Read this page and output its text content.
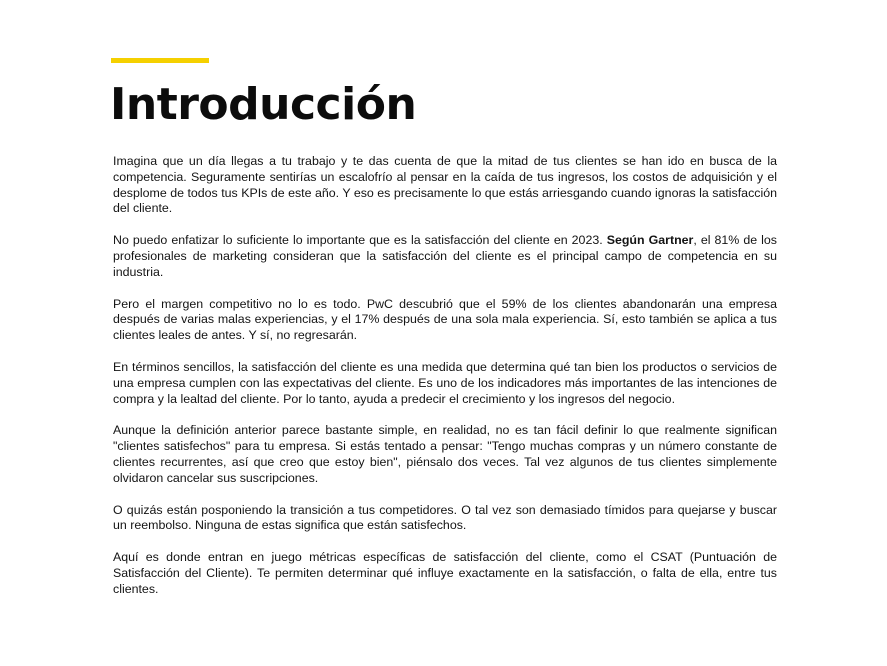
Introducción

Imagina que un día llegas a tu trabajo y te das cuenta de que la mitad de tus clientes se han ido en busca de la competencia. Seguramente sentirías un escalofrío al pensar en la caída de tus ingresos, los costos de adquisición y el desplome de todos tus KPIs de este año. Y eso es precisamente lo que estás arriesgando cuando ignoras la satisfacción del cliente.

No puedo enfatizar lo suficiente lo importante que es la satisfacción del cliente en 2023. Según Gartner, el 81% de los profesionales de marketing consideran que la satisfacción del cliente es el principal campo de competencia en su industria.

Pero el margen competitivo no lo es todo. PwC descubrió que el 59% de los clientes abandonarán una empresa después de varias malas experiencias, y el 17% después de una sola mala experiencia. Sí, esto también se aplica a tus clientes leales de antes. Y sí, no regresarán.

En términos sencillos, la satisfacción del cliente es una medida que determina qué tan bien los productos o servicios de una empresa cumplen con las expectativas del cliente. Es uno de los indicadores más importantes de las intenciones de compra y la lealtad del cliente. Por lo tanto, ayuda a predecir el crecimiento y los ingresos del negocio.

Aunque la definición anterior parece bastante simple, en realidad, no es tan fácil definir lo que realmente significan "clientes satisfechos" para tu empresa. Si estás tentado a pensar: "Tengo muchas compras y un número constante de clientes recurrentes, así que creo que estoy bien", piénsalo dos veces. Tal vez algunos de tus clientes simplemente olvidaron cancelar sus suscripciones.

O quizás están posponiendo la transición a tus competidores. O tal vez son demasiado tímidos para quejarse y buscar un reembolso. Ninguna de estas significa que están satisfechos.

Aquí es donde entran en juego métricas específicas de satisfacción del cliente, como el CSAT (Puntuación de Satisfacción del Cliente). Te permiten determinar qué influye exactamente en la satisfacción, o falta de ella, entre tus clientes.
